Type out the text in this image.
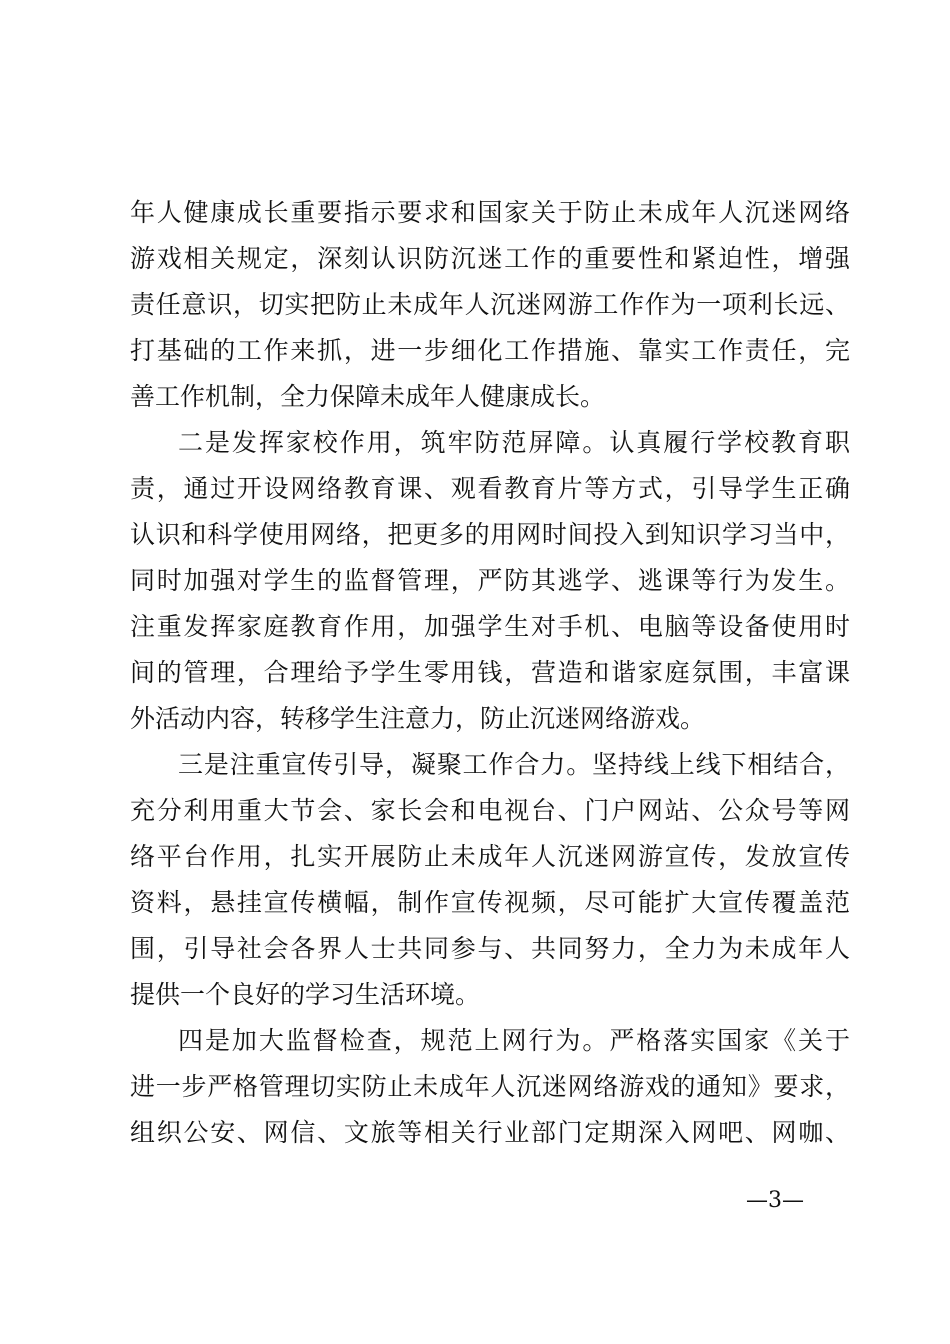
年人健康成长重要指示要求和国家关于防止未成年人沉迷网络
游戏相关规定，深刻认识防沉迷工作的重要性和紧迫性，增强
责任意识，切实把防止未成年人沉迷网游工作作为一项利长远、
打基础的工作来抓，进一步细化工作措施、靠实工作责任，完
善工作机制，全力保障未成年人健康成长。
二是发挥家校作用，筑牢防范屏障。认真履行学校教育职
责，通过开设网络教育课、观看教育片等方式，引导学生正确
认识和科学使用网络，把更多的用网时间投入到知识学习当中，
同时加强对学生的监督管理，严防其逃学、逃课等行为发生。
注重发挥家庭教育作用，加强学生对手机、电脑等设备使用时
间的管理，合理给予学生零用钱，营造和谐家庭氛围，丰富课
外活动内容，转移学生注意力，防止沉迷网络游戏。
三是注重宣传引导，凝聚工作合力。坚持线上线下相结合，
充分利用重大节会、家长会和电视台、门户网站、公众号等网
络平台作用，扎实开展防止未成年人沉迷网游宣传，发放宣传
资料，悬挂宣传横幅，制作宣传视频，尽可能扩大宣传覆盖范
围，引导社会各界人士共同参与、共同努力，全力为未成年人
提供一个良好的学习生活环境。
四是加大监督检查，规范上网行为。严格落实国家《关于
进一步严格管理切实防止未成年人沉迷网络游戏的通知》要求，
组织公安、网信、文旅等相关行业部门定期深入网吧、网咖、
—3—
